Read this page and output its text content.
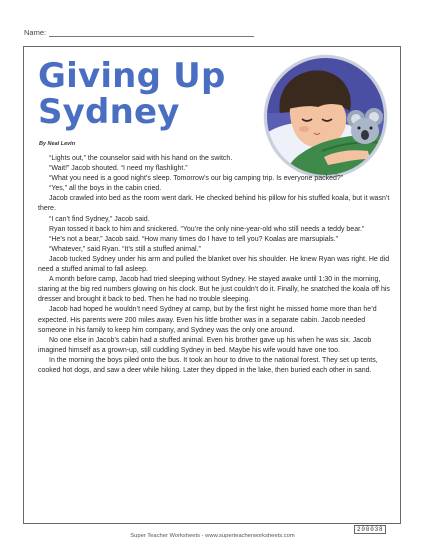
Name:
Giving Up
Sydney
By Neal Levin

“Lights out,” the counselor said with his hand on the switch.

“Wait!” Jacob shouted. “I need my flashlight.”

“What you need is a good night’s sleep. Tomorrow’s our big camping trip. Is everyone packed?”

“Yes,” all the boys in the cabin cried.

Jacob crawled into bed as the room went dark. He checked behind his pillow for his stuffed koala, but it wasn’t there.

“I can’t find Sydney,” Jacob said.

Ryan tossed it back to him and snickered. “You’re the only nine-year-old who still needs a teddy bear.”

“He’s not a bear,” Jacob said. “How many times do I have to tell you? Koalas are marsupials.”

“Whatever,” said Ryan. “It’s still a stuffed animal.”

Jacob tucked Sydney under his arm and pulled the blanket over his shoulder. He knew Ryan was right. He did need a stuffed animal to fall asleep.

A month before camp, Jacob had tried sleeping without Sydney. He stayed awake until 1:30 in the morning, staring at the big red numbers glowing on his clock. But he just couldn’t do it. Finally, he snatched the koala off his dresser and brought it back to bed. Then he had no trouble sleeping.

Jacob had hoped he wouldn’t need Sydney at camp, but by the first night he missed home more than he’d expected. His parents were 200 miles away. Even his little brother was in a separate cabin. Jacob needed someone in his family to keep him company, and Sydney was the only one around.

No one else in Jacob’s cabin had a stuffed animal. Even his brother gave up his when he was six. Jacob imagined himself as a grown-up, still cuddling Sydney in bed. Maybe his wife would have one too.

In the morning the boys piled onto the bus. It took an hour to drive to the national forest. They set up tents, cooked hot dogs, and saw a deer while hiking. Later they dipped in the lake, then buried each other in sand.

200038
Super Teacher Worksheets - www.superteacherworksheets.com
